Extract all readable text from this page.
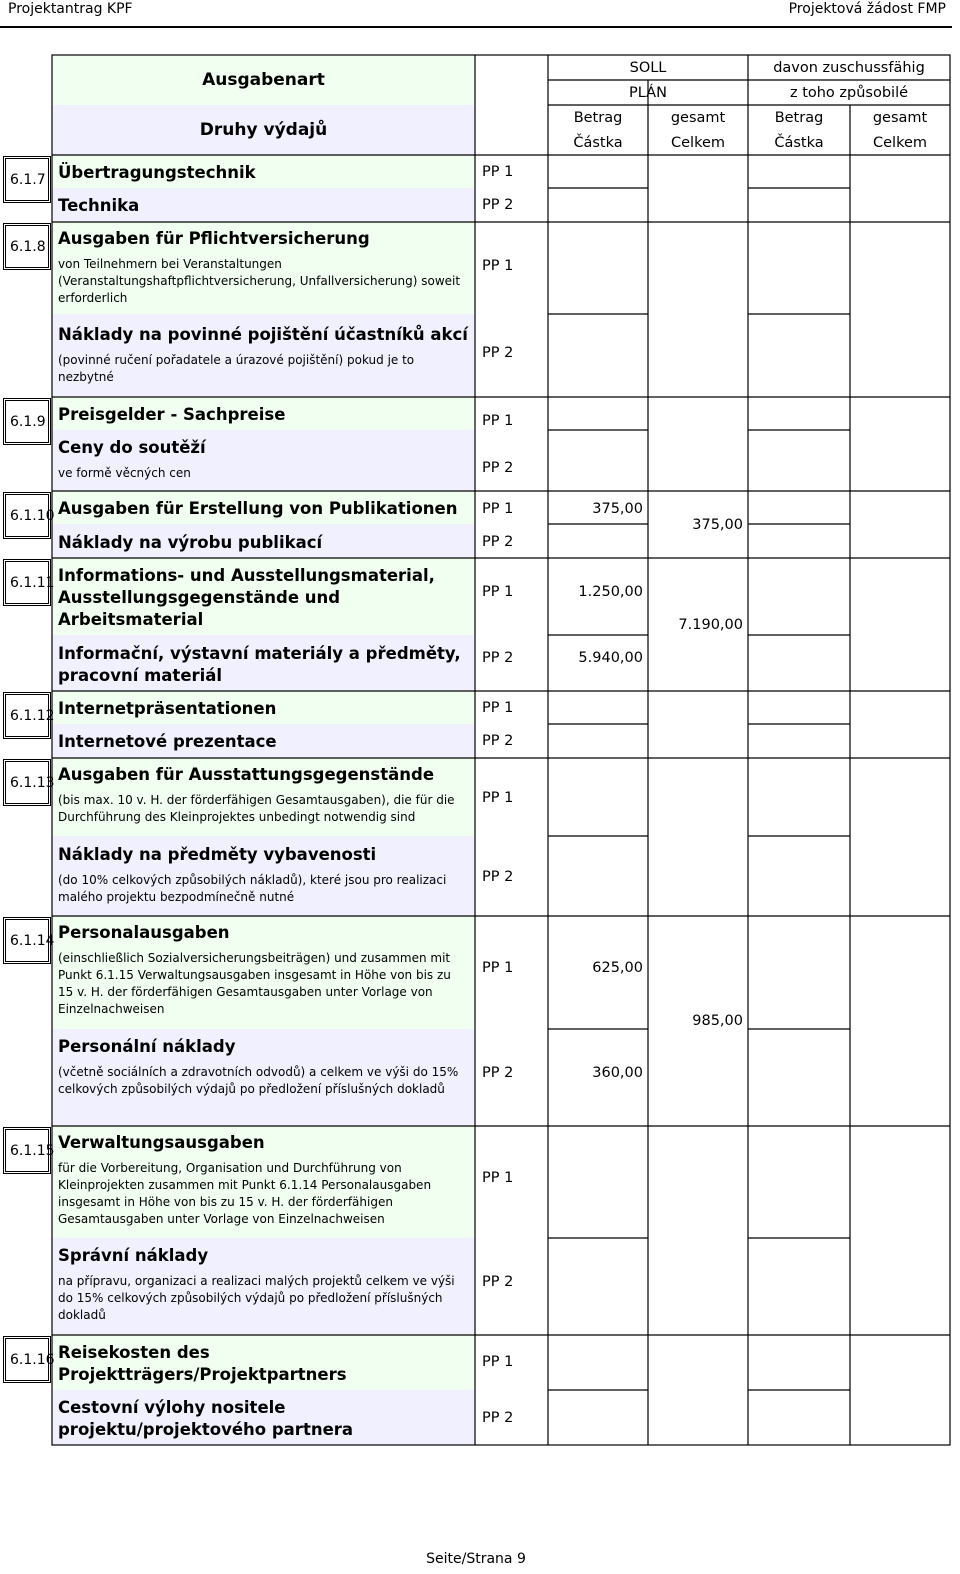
Projektantrag KPF	Projektová žádost FMP
Ausgabenart
Druhy výdajů
SOLL
PLÁN
davon zuschussfähig
z toho způsobilé
Betrag
Částka
gesamt
Celkem
Betrag
Částka
gesamt
Celkem
6.1.7 Übertragungstechnik
Technika
PP 1
PP 2
6.1.8 Ausgaben für Pflichtversicherung
von Teilnehmern bei Veranstaltungen (Veranstaltungshaftpflichtversicherung, Unfallversicherung) soweit erforderlich
Náklady na povinné pojištění účastníků akcí
(povinné ručení pořadatele a úrazové pojištění) pokud je to nezbytné
PP 1
PP 2
6.1.9 Preisgelder - Sachpreise
Ceny do soutěží
ve formě věcných cen
PP 1
PP 2
6.1.10 Ausgaben für Erstellung von Publikationen
Náklady na výrobu publikací
PP 1
PP 2
375,00
375,00
6.1.11 Informations- und Ausstellungsmaterial, Ausstellungsgegenstände und Arbeitsmaterial
Informační, výstavní materiály a předměty, pracovní materiál
PP 1
PP 2
1.250,00
5.940,00
7.190,00
6.1.12 Internetpräsentationen
Internetové prezentace
PP 1
PP 2
6.1.13 Ausgaben für Ausstattungsgegenstände
(bis max. 10 v. H. der förderfähigen Gesamtausgaben), die für die Durchführung des Kleinprojektes unbedingt notwendig sind
Náklady na předměty vybavenosti
(do 10% celkových způsobilých nákladů), které jsou pro realizaci malého projektu bezpodmínečně nutné
PP 1
PP 2
6.1.14 Personalausgaben
(einschließlich Sozialversicherungsbeiträgen) und zusammen mit Punkt 6.1.15 Verwaltungsausgaben insgesamt in Höhe von bis zu 15 v. H. der förderfähigen Gesamtausgaben unter Vorlage von Einzelnachweisen
Personální náklady
(včetně sociálních a zdravotních odvodů) a celkem ve výši do 15% celkových způsobilých výdajů po předložení příslušných dokladů
PP 1
PP 2
625,00
360,00
985,00
6.1.15 Verwaltungsausgaben
für die Vorbereitung, Organisation und Durchführung von Kleinprojekten zusammen mit Punkt 6.1.14 Personalausgaben insgesamt in Höhe von bis zu 15 v. H. der förderfähigen Gesamtausgaben unter Vorlage von Einzelnachweisen
Správní náklady
na přípravu, organizaci a realizaci malých projektů celkem ve výši do 15% celkových způsobilých výdajů po předložení příslušných dokladů
PP 1
PP 2
6.1.16 Reisekosten des Projektträgers/Projektpartners
Cestovní výlohy nositele projektu/projektového partnera
PP 1
PP 2
Seite/Strana 9
